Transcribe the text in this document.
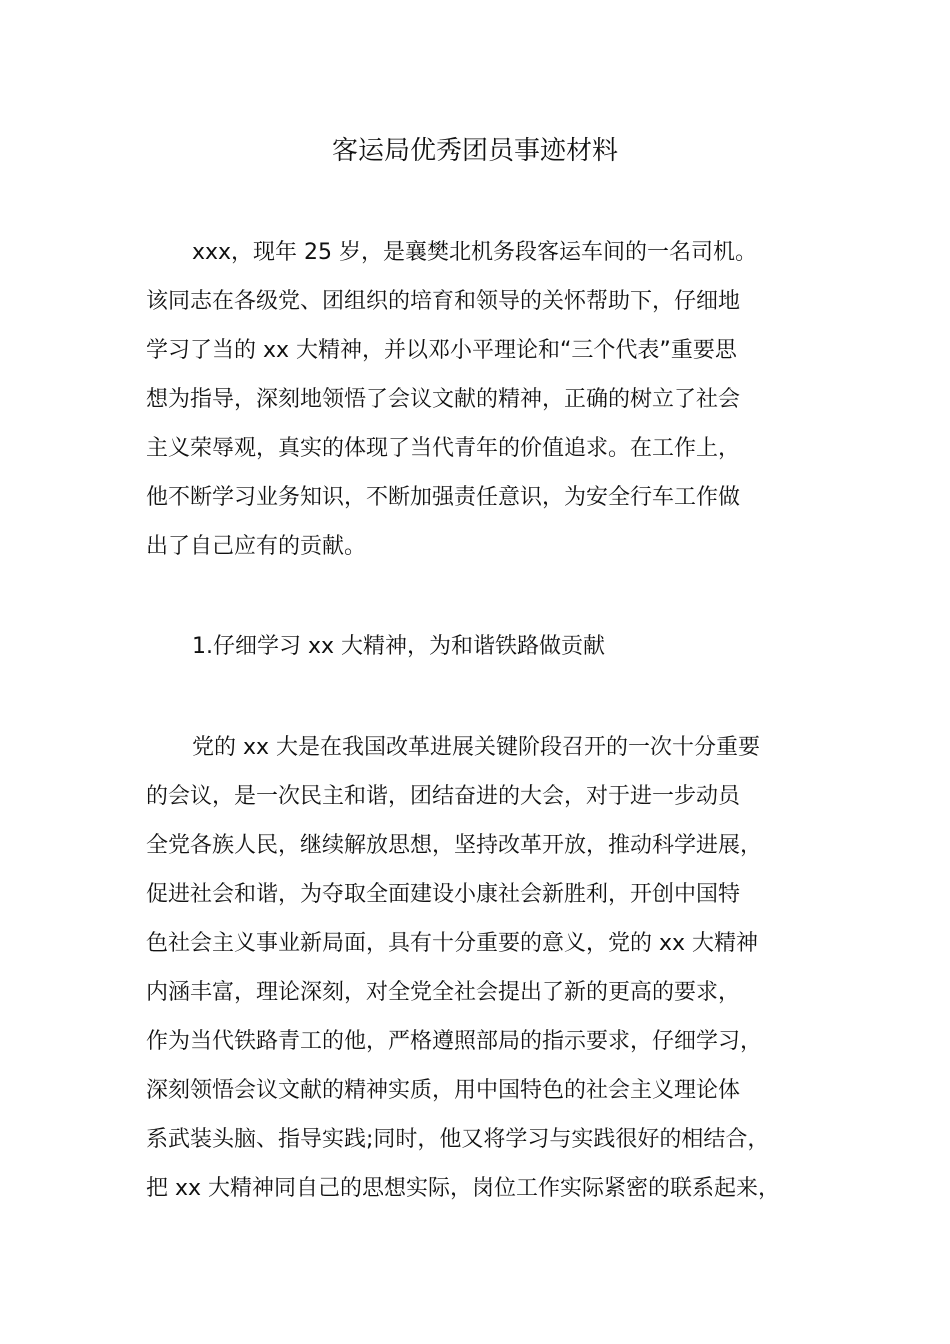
客运局优秀团员事迹材料

xxx，现年 25 岁，是襄樊北机务段客运车间的一名司机。

该同志在各级党、团组织的培育和领导的关怀帮助下，仔细地

学习了当的 xx 大精神，并以邓小平理论和“三个代表”重要思

想为指导，深刻地领悟了会议文献的精神，正确的树立了社会

主义荣辱观，真实的体现了当代青年的价值追求。在工作上，

他不断学习业务知识，不断加强责任意识，为安全行车工作做

出了自己应有的贡献。

1.仔细学习 xx 大精神，为和谐铁路做贡献

党的 xx 大是在我国改革进展关键阶段召开的一次十分重要

的会议，是一次民主和谐，团结奋进的大会，对于进一步动员

全党各族人民，继续解放思想，坚持改革开放，推动科学进展，

促进社会和谐，为夺取全面建设小康社会新胜利，开创中国特

色社会主义事业新局面，具有十分重要的意义，党的 xx 大精神

内涵丰富，理论深刻，对全党全社会提出了新的更高的要求，

作为当代铁路青工的他，严格遵照部局的指示要求，仔细学习，

深刻领悟会议文献的精神实质，用中国特色的社会主义理论体

系武装头脑、指导实践;同时，他又将学习与实践很好的相结合，

把 xx 大精神同自己的思想实际，岗位工作实际紧密的联系起来，
